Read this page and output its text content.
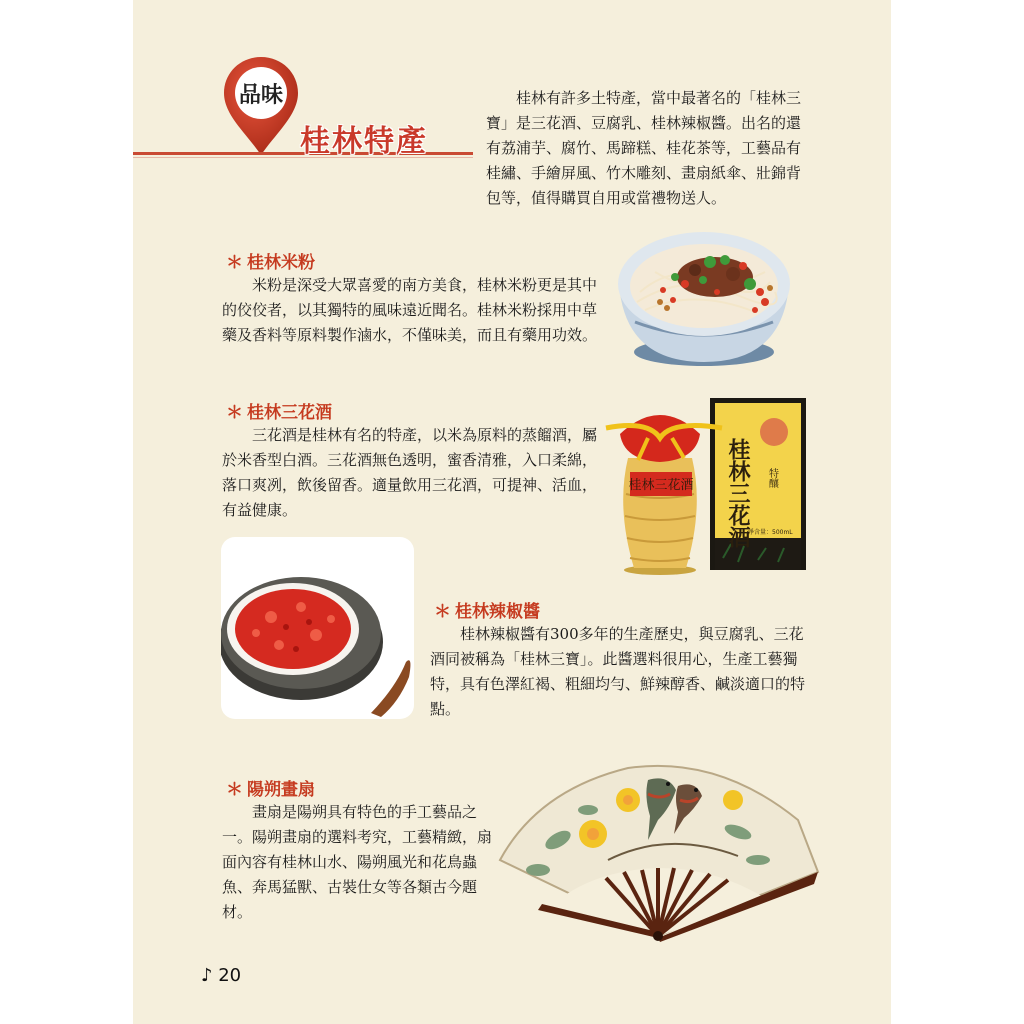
品味
桂林特產
桂林有許多土特產，當中最著名的「桂林三寶」是三花酒、豆腐乳、桂林辣椒醬。出名的還有荔浦芋、腐竹、馬蹄糕、桂花茶等，工藝品有桂繡、手繪屏風、竹木雕刻、畫扇紙傘、壯錦背包等，值得購買自用或當禮物送人。
＊ 桂林米粉
米粉是深受大眾喜愛的南方美食，桂林米粉更是其中的佼佼者，以其獨特的風味遠近聞名。桂林米粉採用中草藥及香料等原料製作滷水，不僅味美，而且有藥用功效。
＊ 桂林三花酒
三花酒是桂林有名的特產，以米為原料的蒸餾酒，屬於米香型白酒。三花酒無色透明，蜜香清雅，入口柔綿，落口爽冽，飲後留香。適量飲用三花酒，可提神、活血，有益健康。	桂林三花酒 特釀
淨含量：500mL
桂林三花酒
＊ 桂林辣椒醬
桂林辣椒醬有300多年的生產歷史，與豆腐乳、三花酒同被稱為「桂林三寶」。此醬選料很用心，生產工藝獨特，具有色澤紅褐、粗細均勻、鮮辣醇香、鹹淡適口的特點。
＊ 陽朔畫扇
畫扇是陽朔具有特色的手工藝品之一。陽朔畫扇的選料考究，工藝精緻，扇面內容有桂林山水、陽朔風光和花鳥蟲魚、奔馬猛獸、古裝仕女等各類古今題材。
♪ 20
